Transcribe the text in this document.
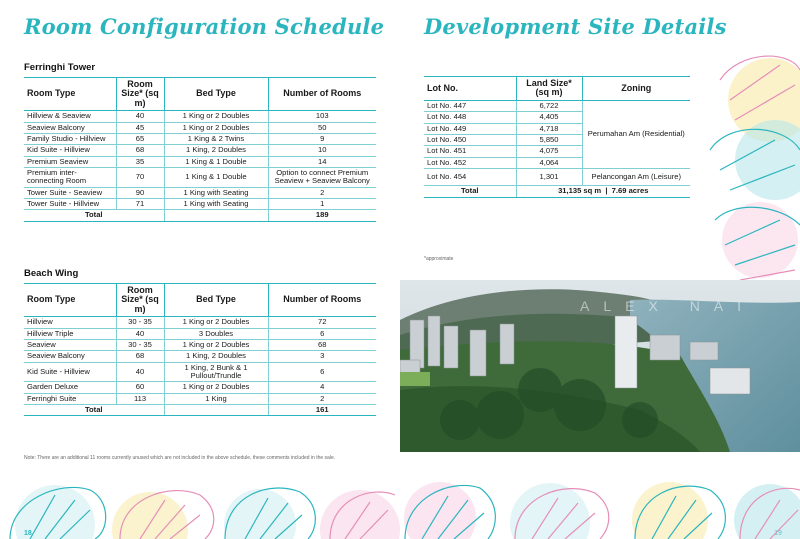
Room Configuration Schedule
Ferringhi Tower
Room Type	Room Size* (sq m)	Bed Type	Number of Rooms
Hillview & Seaview	40	1 King or 2 Doubles	103
Seaview Balcony	45	1 King or 2 Doubles	50
Family Studio - Hillview	65	1 King & 2 Twins	9
Kid Suite - Hillview	68	1 King, 2 Doubles	10
Premium Seaview	35	1 King & 1 Double	14
Premium inter-connecting Room	70	1 King & 1 Double	Option to connect Premium Seaview + Seaview Balcony
Tower Suite - Seaview	90	1 King with Seating	2
Tower Suite - Hillview	71	1 King with Seating	1
Total			189
Beach Wing
Room Type	Room Size* (sq m)	Bed Type	Number of Rooms
Hillview	30 - 35	1 King or 2 Doubles	72
Hillview Triple	40	3 Doubles	6
Seaview	30 - 35	1 King or 2 Doubles	68
Seaview Balcony	68	1 King, 2 Doubles	3
Kid Suite - Hillview	40	1 King, 2 Bunk & 1 Pullout/Trundle	6
Garden Deluxe	60	1 King or 2 Doubles	4
Ferringhi Suite	113	1 King	2
Total			161
Note: There are an additional 11 rooms currently unused which are not included in the above schedule, these comments included in the sale.
18
Development Site Details
Lot No.	Land Size* (sq m)	Zoning
Lot No. 447	6,722	Perumahan Am (Residential)
Lot No. 448	4,405	
Lot No. 449	4,718	
Lot No. 450	5,850	
Lot No. 451	4,075	
Lot No. 452	4,064	
Lot No. 454	1,301	Pelancongan Am (Leisure)
Total	31,135 sq m  |  7.69 acres	
*approximate
ALEX NAI
